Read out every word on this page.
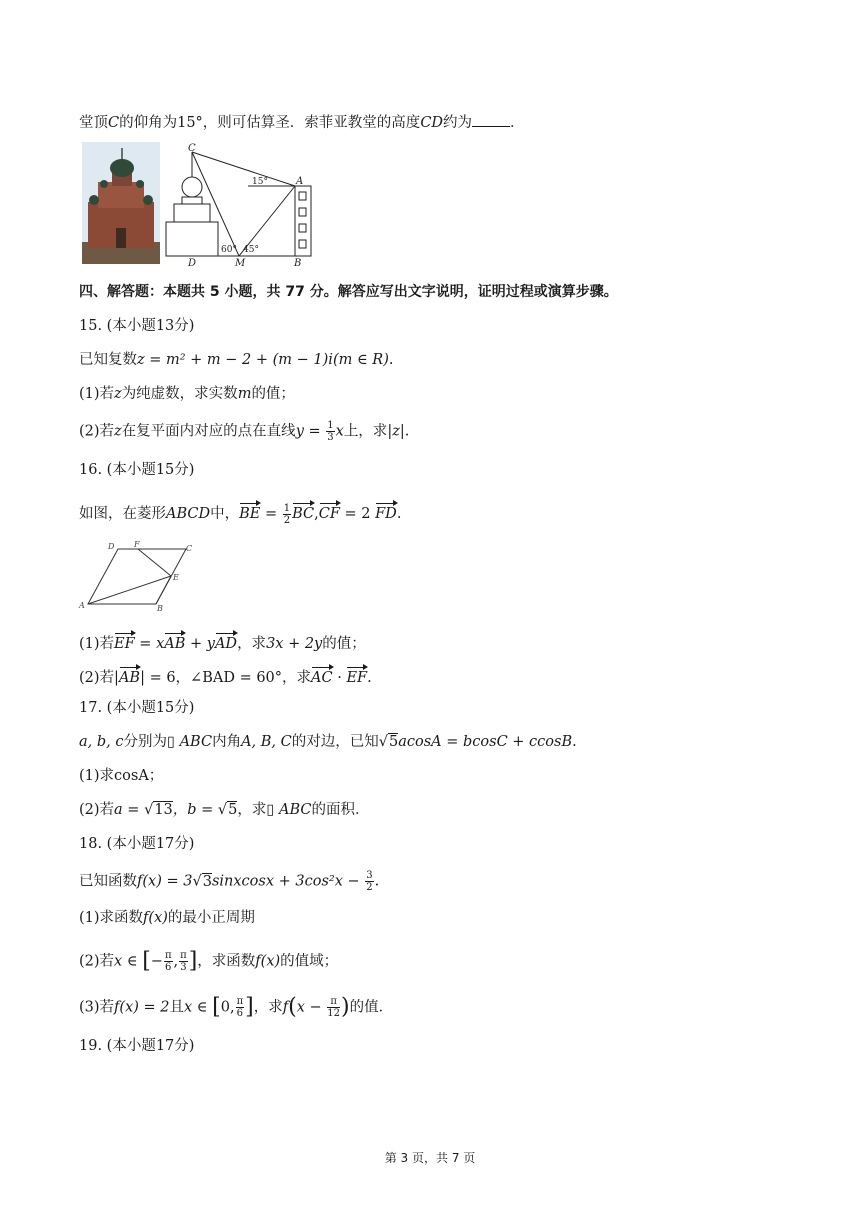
堂顶C的仰角为15°，则可估算圣．索菲亚教堂的高度CD约为	．
C
A
D	M	B
15°
60° 45°
四、解答题：本题共 5 小题，共 77 分。解答应写出文字说明，证明过程或演算步骤。
15. (本小题13分)
已知复数z = m² + m − 2 + (m − 1)i(m ∈ R).
(1)若z为纯虚数，求实数m的值；
(2)若z在复平面内对应的点在直线$y = \frac{1}{3}$ x上，求|z|.
16. (本小题15分)
如图，在菱形ABCD中，BE = $\frac{1}{2} BC,CF = 2$ FD.
D F	C
E
A	B
(1)若EF = xAB + yAD，求3x + 2y的值；
(2)若|AB| = 6，∠BAD = 60°，求AC · EF.
17. (本小题15分)
a, b, c分别为▯ ABC内角A, B, C的对边，已知√5acosA = bcosC + ccosB.
(1)求cosA；
(2)若a = √13，b = √5，求▯ ABC的面积．
18. (本小题17分)
已知函数f(x) = 3√3sinxcosx + $3\cos^2x - \frac{3}{2}$ .
(1)求函数f(x)的最小正周期
(2)若x ∈ [− $\frac{\pi}{6}$ , $\frac{\pi}{3}$ ]，求函数f(x)的值域；
(3)若f(x) = 2且x ∈ [0, $\frac{\pi}{6}$ ]，求$f(x - \frac{\pi}{12}$ )的值．
19. (本小题17分)
第 3 页，共 7 页
